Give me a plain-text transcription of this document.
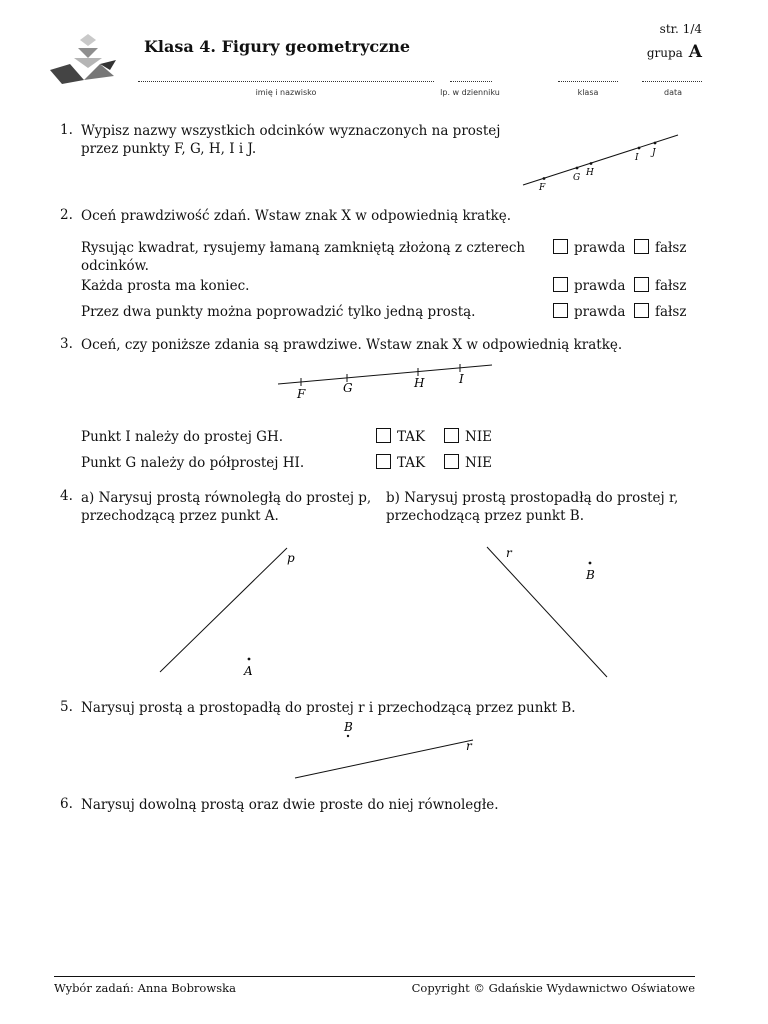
Klasa 4. Figury geometryczne
str. 1/4
grupa A
imię i nazwisko	lp. w dzienniku	klasa	data
1. Wypisz nazwy wszystkich odcinków wyznaczonych na prostej
przez punkty F, G, H, I i J.
F
G H
I J
2. Oceń prawdziwość zdań. Wstaw znak X w odpowiednią kratkę.
Rysując kwadrat, rysujemy łamaną zamkniętą złożoną z czterech
odcinków.
prawda	fałsz
Każda prosta ma koniec.	prawda	fałsz
Przez dwa punkty można poprowadzić tylko jedną prostą.	prawda	fałsz
3. Oceń, czy poniższe zdania są prawdziwe. Wstaw znak X w odpowiednią kratkę.
F	G	H	I
Punkt I należy do prostej GH.	TAK	NIE
Punkt G należy do półprostej HI.	TAK	NIE
4. a) Narysuj prostą równoległą do prostej p,
przechodzącą przez punkt A.
b) Narysuj prostą prostopadłą do prostej r,
przechodzącą przez punkt B.
p
A
r
B
5. Narysuj prostą a prostopadłą do prostej r i przechodzącą przez punkt B.
B
r
6. Narysuj dowolną prostą oraz dwie proste do niej równoległe.
Wybór zadań: Anna Bobrowska	Copyright © Gdańskie Wydawnictwo Oświatowe
